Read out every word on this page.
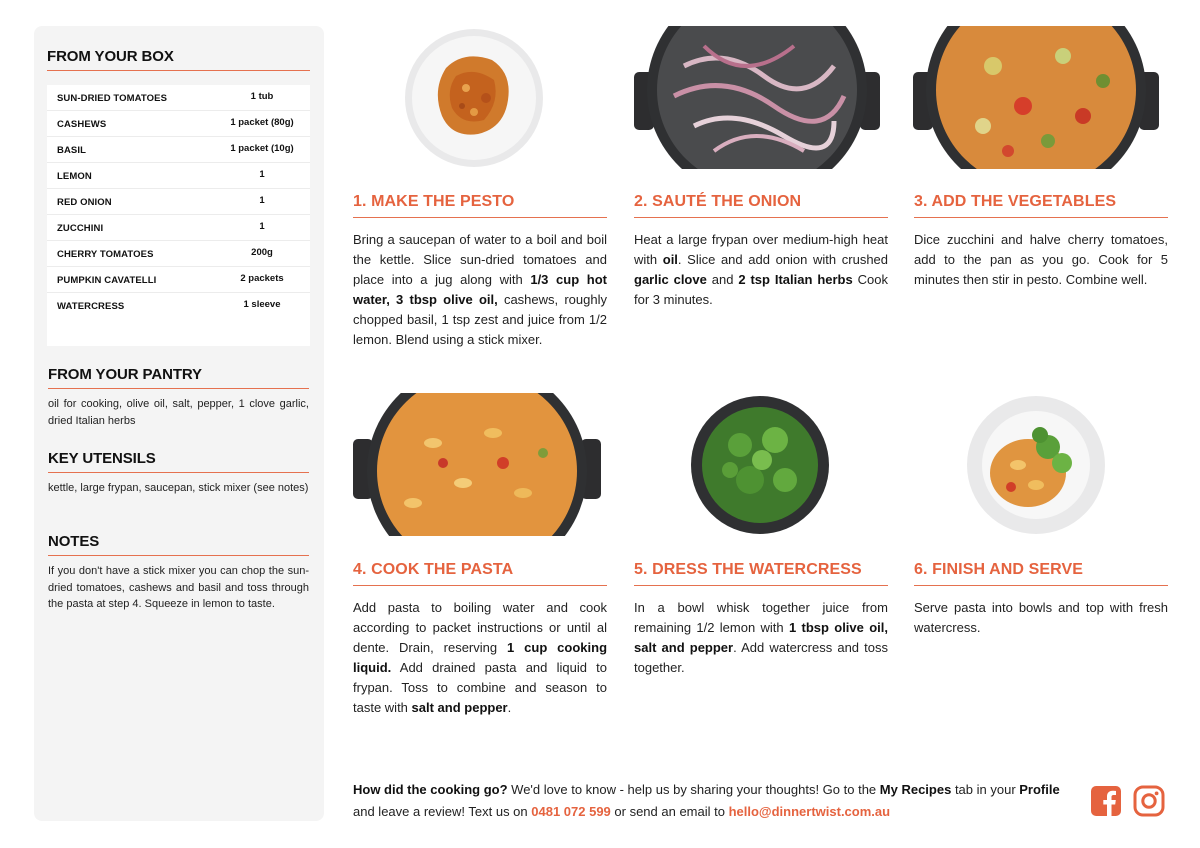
FROM YOUR BOX
SUN-DRIED TOMATOES	1 tub
CASHEWS	1 packet (80g)
BASIL	1 packet (10g)
LEMON	1
RED ONION	1
ZUCCHINI	1
CHERRY TOMATOES	200g
PUMPKIN CAVATELLI	2 packets
WATERCRESS	1 sleeve
FROM YOUR PANTRY
oil for cooking, olive oil, salt, pepper, 1 clove garlic, dried Italian herbs
KEY UTENSILS
kettle, large frypan, saucepan, stick mixer (see notes)
NOTES
If you don't have a stick mixer you can chop the sun-dried tomatoes, cashews and basil and toss through the pasta at step 4. Squeeze in lemon to taste.
1. MAKE THE PESTO
Bring a saucepan of water to a boil and boil the kettle. Slice sun-dried tomatoes and place into a jug along with 1/3 cup hot water, 3 tbsp olive oil, cashews, roughly chopped basil, 1 tsp zest and juice from 1/2 lemon. Blend using a stick mixer.
2. SAUTÉ THE ONION
Heat a large frypan over medium-high heat with oil. Slice and add onion with crushed garlic clove and 2 tsp Italian herbs Cook for 3 minutes.
3. ADD THE VEGETABLES
Dice zucchini and halve cherry tomatoes, add to the pan as you go. Cook for 5 minutes then stir in pesto. Combine well.
4. COOK THE PASTA
Add pasta to boiling water and cook according to packet instructions or until al dente. Drain, reserving 1 cup cooking liquid. Add drained pasta and liquid to frypan. Toss to combine and season to taste with salt and pepper.
5. DRESS THE WATERCRESS
In a bowl whisk together juice from remaining 1/2 lemon with 1 tbsp olive oil, salt and pepper. Add watercress and toss together.
6. FINISH AND SERVE
Serve pasta into bowls and top with fresh watercress.
How did the cooking go? We'd love to know - help us by sharing your thoughts! Go to the My Recipes tab in your Profile and leave a review! Text us on 0481 072 599 or send an email to hello@dinnertwist.com.au
